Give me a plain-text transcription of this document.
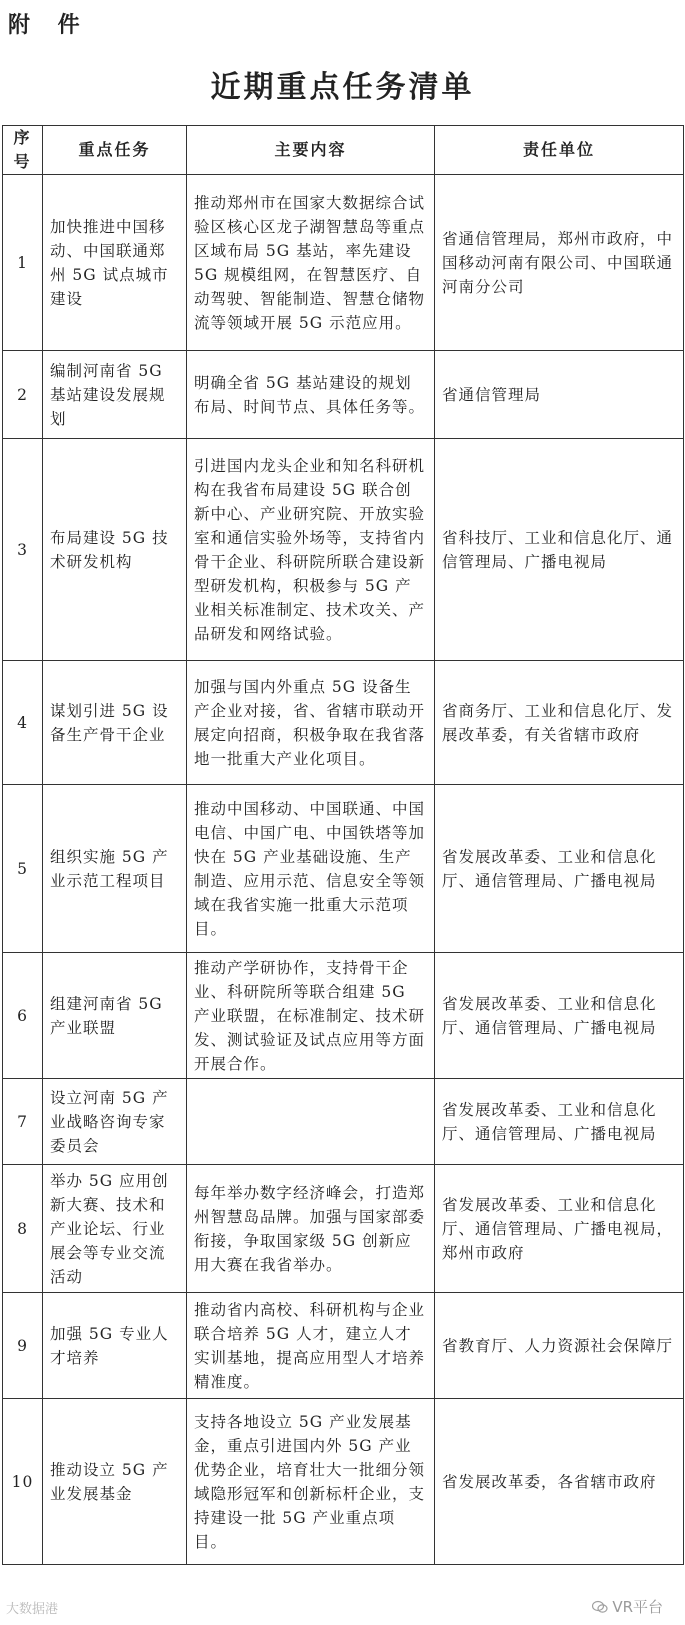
附 件
近期重点任务清单
序号	重点任务	主要内容	责任单位
1	加快推进中国移动、中国联通郑州 5G 试点城市建设	推动郑州市在国家大数据综合试验区核心区龙子湖智慧岛等重点区域布局 5G 基站，率先建设 5G 规模组网，在智慧医疗、自动驾驶、智能制造、智慧仓储物流等领域开展 5G 示范应用。	省通信管理局，郑州市政府，中国移动河南有限公司、中国联通河南分公司
2	编制河南省 5G 基站建设发展规划	明确全省 5G 基站建设的规划布局、时间节点、具体任务等。	省通信管理局
3	布局建设 5G 技术研发机构	引进国内龙头企业和知名科研机构在我省布局建设 5G 联合创新中心、产业研究院、开放实验室和通信实验外场等，支持省内骨干企业、科研院所联合建设新型研发机构，积极参与 5G 产业相关标准制定、技术攻关、产品研发和网络试验。	省科技厅、工业和信息化厅、通信管理局、广播电视局
4	谋划引进 5G 设备生产骨干企业	加强与国内外重点 5G 设备生产企业对接，省、省辖市联动开展定向招商，积极争取在我省落地一批重大产业化项目。	省商务厅、工业和信息化厅、发展改革委，有关省辖市政府
5	组织实施 5G 产业示范工程项目	推动中国移动、中国联通、中国电信、中国广电、中国铁塔等加快在 5G 产业基础设施、生产制造、应用示范、信息安全等领域在我省实施一批重大示范项目。	省发展改革委、工业和信息化厅、通信管理局、广播电视局
6	组建河南省 5G 产业联盟	推动产学研协作，支持骨干企业、科研院所等联合组建 5G 产业联盟，在标准制定、技术研发、测试验证及试点应用等方面开展合作。	省发展改革委、工业和信息化厅、通信管理局、广播电视局
7	设立河南 5G 产业战略咨询专家委员会		省发展改革委、工业和信息化厅、通信管理局、广播电视局
8	举办 5G 应用创新大赛、技术和产业论坛、行业展会等专业交流活动	每年举办数字经济峰会，打造郑州智慧岛品牌。加强与国家部委衔接，争取国家级 5G 创新应用大赛在我省举办。	省发展改革委、工业和信息化厅、通信管理局、广播电视局，郑州市政府
9	加强 5G 专业人才培养	推动省内高校、科研机构与企业联合培养 5G 人才，建立人才实训基地，提高应用型人才培养精准度。	省教育厅、人力资源社会保障厅
10	推动设立 5G 产业发展基金	支持各地设立 5G 产业发展基金，重点引进国内外 5G 产业优势企业，培育壮大一批细分领域隐形冠军和创新标杆企业，支持建设一批 5G 产业重点项目。	省发展改革委，各省辖市政府
大数据港	VR平台
